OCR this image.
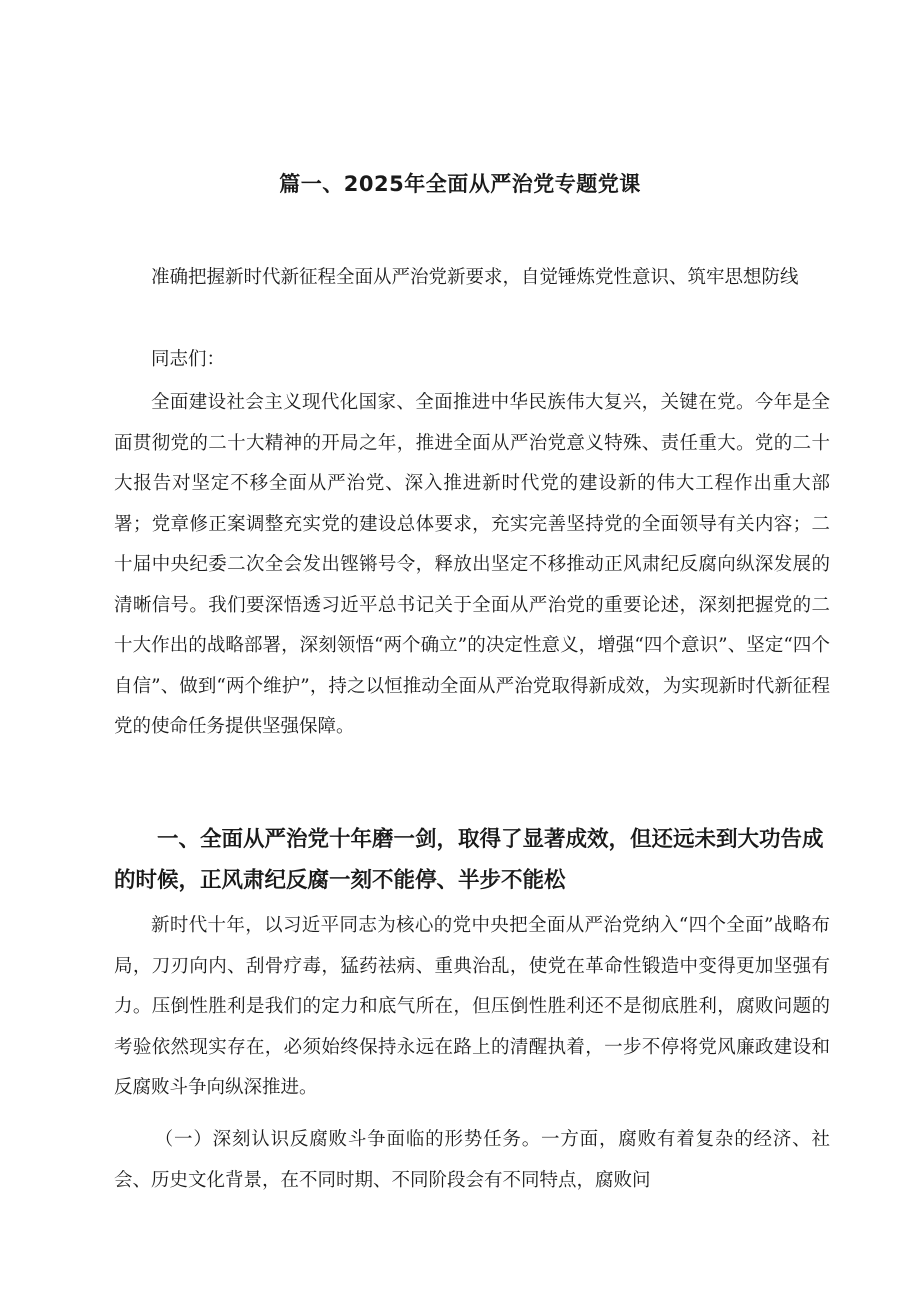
篇一、2025年全面从严治党专题党课

准确把握新时代新征程全面从严治党新要求，自觉锤炼党性意识、筑牢思想防线

同志们：

全面建设社会主义现代化国家、全面推进中华民族伟大复兴，关键在党。今年是全面贯彻党的二十大精神的开局之年，推进全面从严治党意义特殊、责任重大。党的二十大报告对坚定不移全面从严治党、深入推进新时代党的建设新的伟大工程作出重大部署；党章修正案调整充实党的建设总体要求，充实完善坚持党的全面领导有关内容；二十届中央纪委二次全会发出铿锵号令，释放出坚定不移推动正风肃纪反腐向纵深发展的清晰信号。我们要深悟透习近平总书记关于全面从严治党的重要论述，深刻把握党的二十大作出的战略部署，深刻领悟“两个确立”的决定性意义，增强“四个意识”、坚定“四个自信”、做到“两个维护”，持之以恒推动全面从严治党取得新成效，为实现新时代新征程党的使命任务提供坚强保障。

一、全面从严治党十年磨一剑，取得了显著成效，但还远未到大功告成的时候，正风肃纪反腐一刻不能停、半步不能松

新时代十年，以习近平同志为核心的党中央把全面从严治党纳入“四个全面”战略布局，刀刃向内、刮骨疗毒，猛药祛病、重典治乱，使党在革命性锻造中变得更加坚强有力。压倒性胜利是我们的定力和底气所在，但压倒性胜利还不是彻底胜利，腐败问题的考验依然现实存在，必须始终保持永远在路上的清醒执着，一步不停将党风廉政建设和反腐败斗争向纵深推进。

（一）深刻认识反腐败斗争面临的形势任务。一方面，腐败有着复杂的经济、社会、历史文化背景，在不同时期、不同阶段会有不同特点，腐败问
